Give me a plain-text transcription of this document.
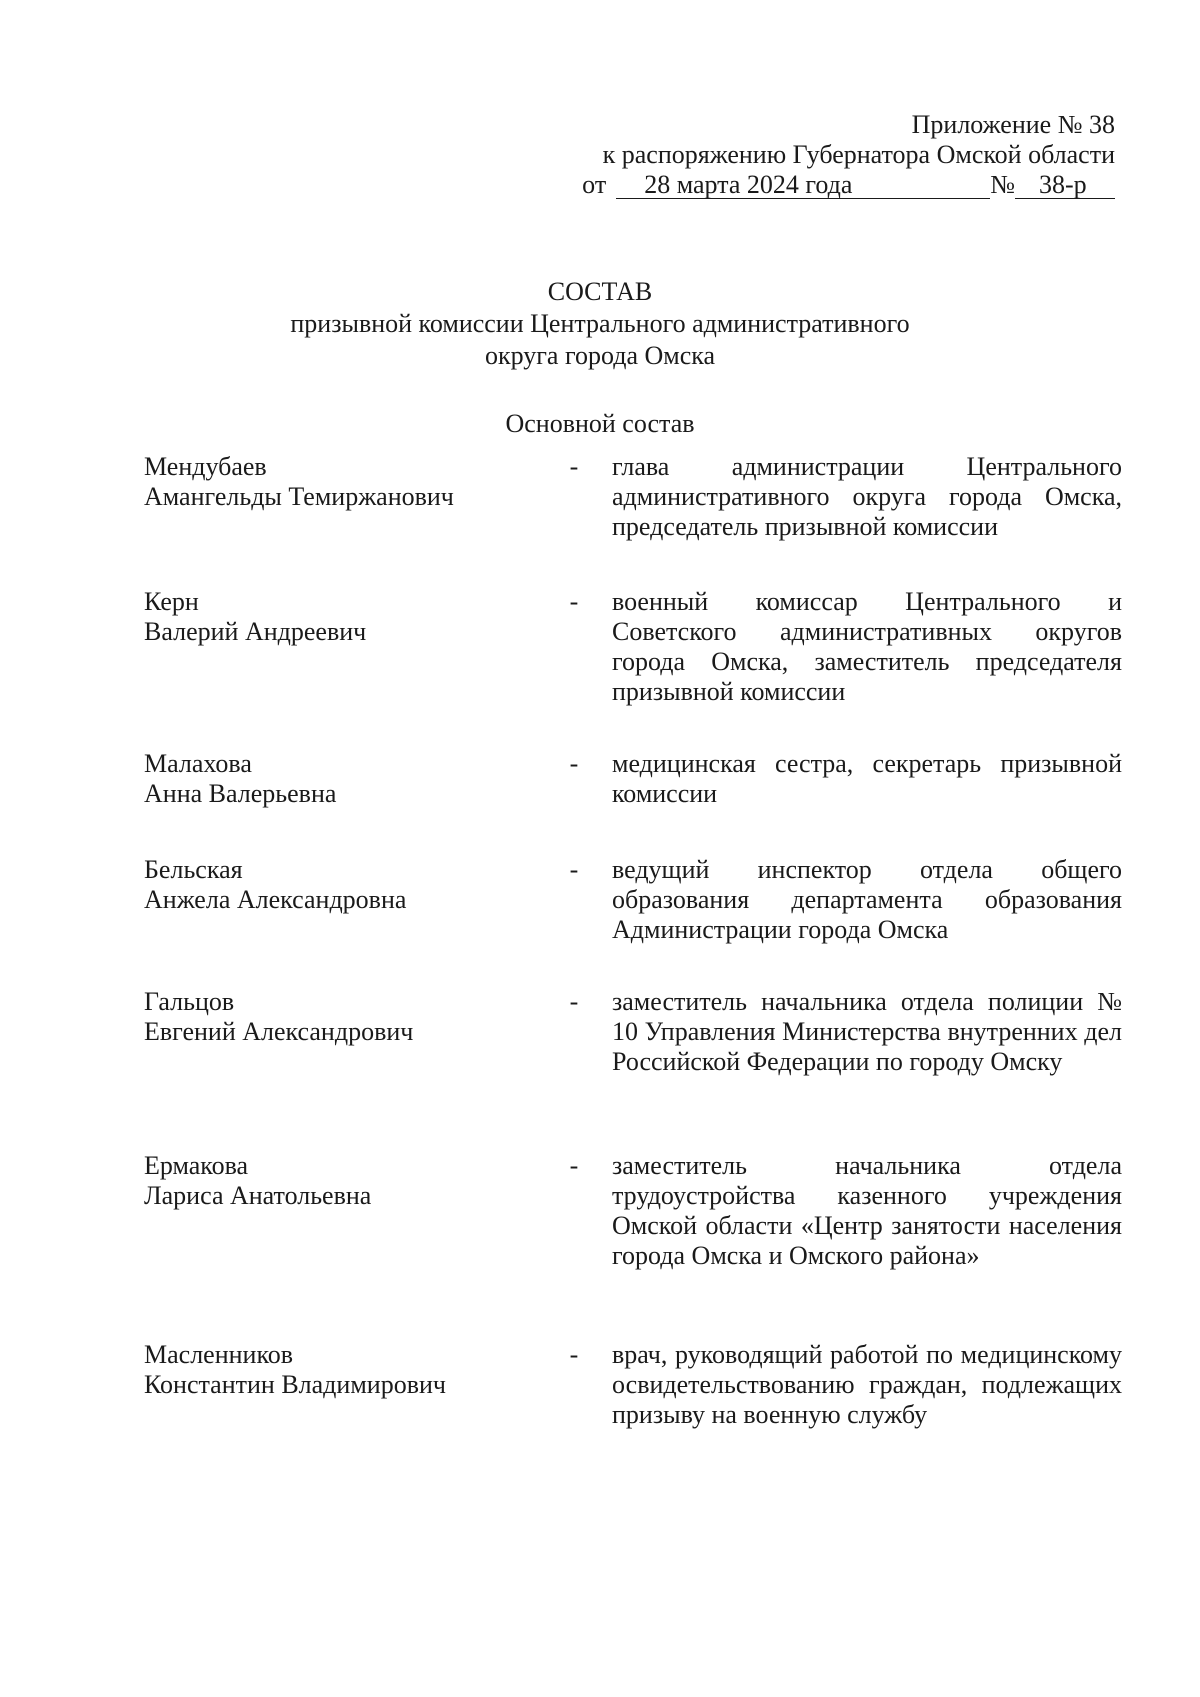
Приложение № 38
к распоряжению Губернатора Омской области
от	28 марта 2024 года	№ 38-р
СОСТАВ
призывной комиссии Центрального административного
округа города Омска
Основной состав
Мендубаев
Амангельды Темиржанович
- глава администрации Центрального административного округа города Омска, председатель призывной комиссии
Керн
Валерий Андреевич
- военный комиссар Центрального и Советского административных округов города Омска, заместитель председателя призывной комиссии
Малахова
Анна Валерьевна
- медицинская сестра, секретарь призывной комиссии
Бельская
Анжела Александровна
- ведущий инспектор отдела общего образования департамента образования Администрации города Омска
Гальцов
Евгений Александрович
- заместитель начальника отдела полиции № 10 Управления Министерства внутренних дел Российской Федерации по городу Омску
Ермакова
Лариса Анатольевна
- заместитель начальника отдела трудоустройства казенного учреждения Омской области «Центр занятости населения города Омска и Омского района»
Масленников
Константин Владимирович
- врач, руководящий работой по медицинскому освидетельствованию граждан, подлежащих призыву на военную службу
